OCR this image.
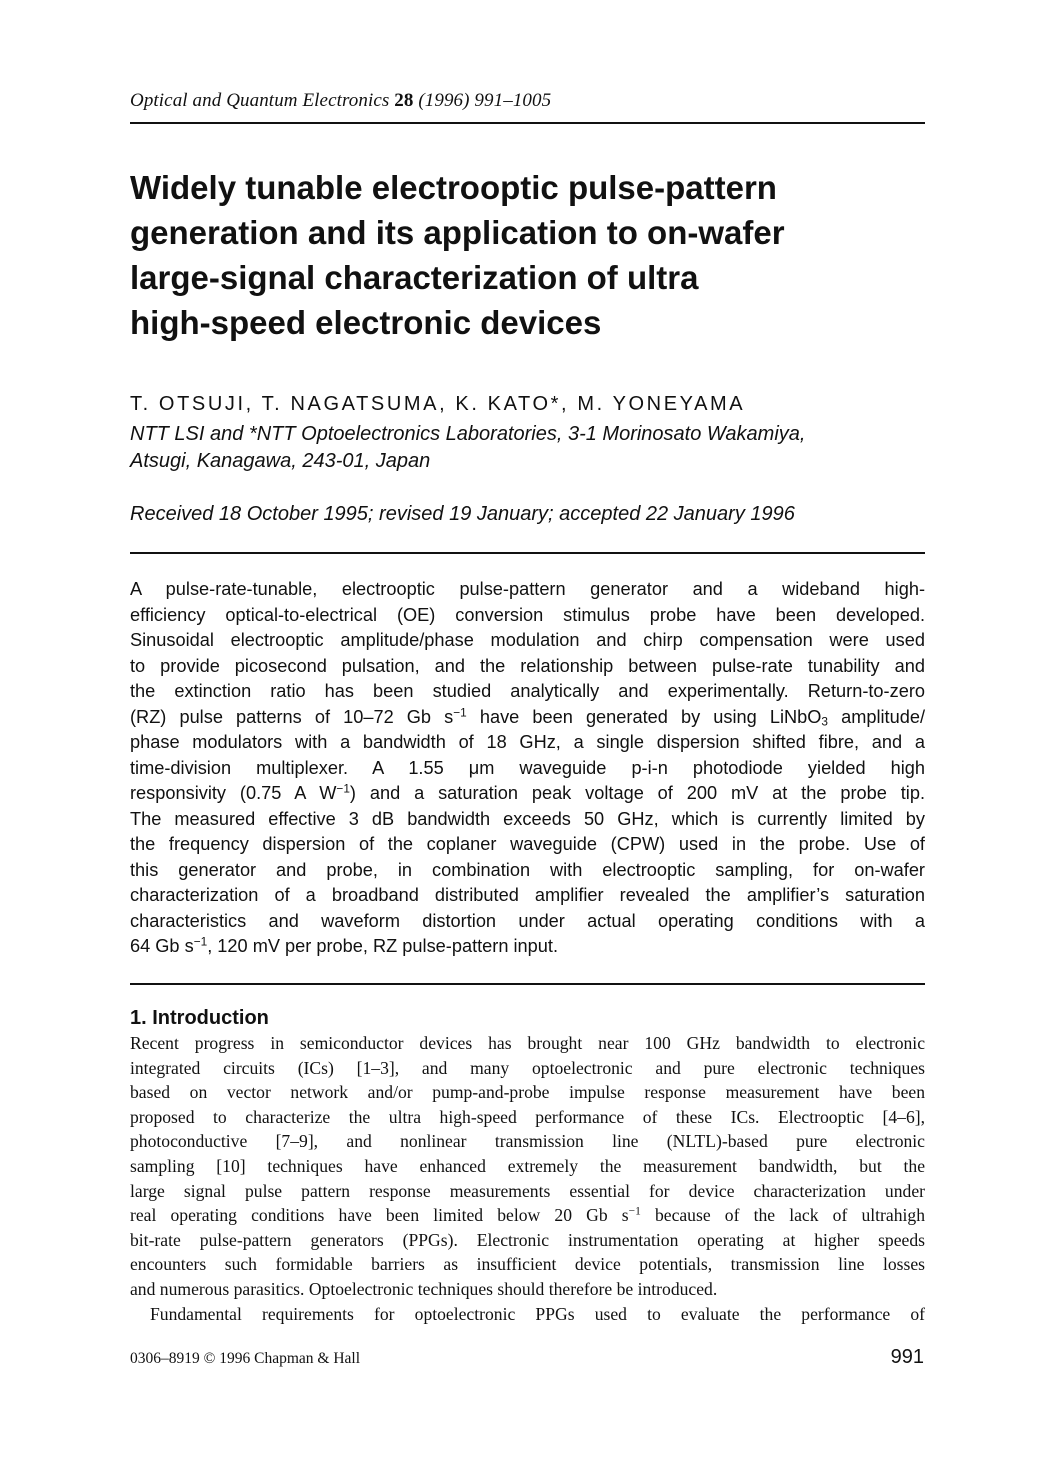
Optical and Quantum Electronics 28 (1996) 991–1005
Widely tunable electrooptic pulse-pattern
generation and its application to on-wafer
large-signal characterization of ultra
high-speed electronic devices
T. OTSUJI, T. NAGATSUMA, K. KATO*, M. YONEYAMA
NTT LSI and *NTT Optoelectronics Laboratories, 3-1 Morinosato Wakamiya,
Atsugi, Kanagawa, 243-01, Japan
Received 18 October 1995; revised 19 January; accepted 22 January 1996
A pulse-rate-tunable, electrooptic pulse-pattern generator and a wideband high-
efficiency optical-to-electrical (OE) conversion stimulus probe have been developed.
Sinusoidal electrooptic amplitude/phase modulation and chirp compensation were used
to provide picosecond pulsation, and the relationship between pulse-rate tunability and
the extinction ratio has been studied analytically and experimentally. Return-to-zero
(RZ) pulse patterns of 10–72 Gb $s^{-1}$ have been generated by using LiNbO$_3$ amplitude/
phase modulators with a bandwidth of 18 GHz, a single dispersion shifted fibre, and a
time-division multiplexer. A 1.55 μm waveguide p-i-n photodiode yielded high
responsivity (0.75 A $W^{-1}$) and a saturation peak voltage of 200 mV at the probe tip.
The measured effective 3 dB bandwidth exceeds 50 GHz, which is currently limited by
the frequency dispersion of the coplaner waveguide (CPW) used in the probe. Use of
this generator and probe, in combination with electrooptic sampling, for on-wafer
characterization of a broadband distributed amplifier revealed the amplifier’s saturation
characteristics and waveform distortion under actual operating conditions with a
64 Gb $s^{-1}$, 120 mV per probe, RZ pulse-pattern input.
1. Introduction
Recent progress in semiconductor devices has brought near 100 GHz bandwidth to electronic
integrated circuits (ICs) [1–3], and many optoelectronic and pure electronic techniques
based on vector network and/or pump-and-probe impulse response measurement have been
proposed to characterize the ultra high-speed performance of these ICs. Electrooptic [4–6],
photoconductive [7–9], and nonlinear transmission line (NLTL)-based pure electronic
sampling [10] techniques have enhanced extremely the measurement bandwidth, but the
large signal pulse pattern response measurements essential for device characterization under
real operating conditions have been limited below 20 Gb $s^{-1}$ because of the lack of ultrahigh
bit-rate pulse-pattern generators (PPGs). Electronic instrumentation operating at higher speeds
encounters such formidable barriers as insufficient device potentials, transmission line losses
and numerous parasitics. Optoelectronic techniques should therefore be introduced.
Fundamental requirements for optoelectronic PPGs used to evaluate the performance of
0306–8919 © 1996 Chapman & Hall	991
